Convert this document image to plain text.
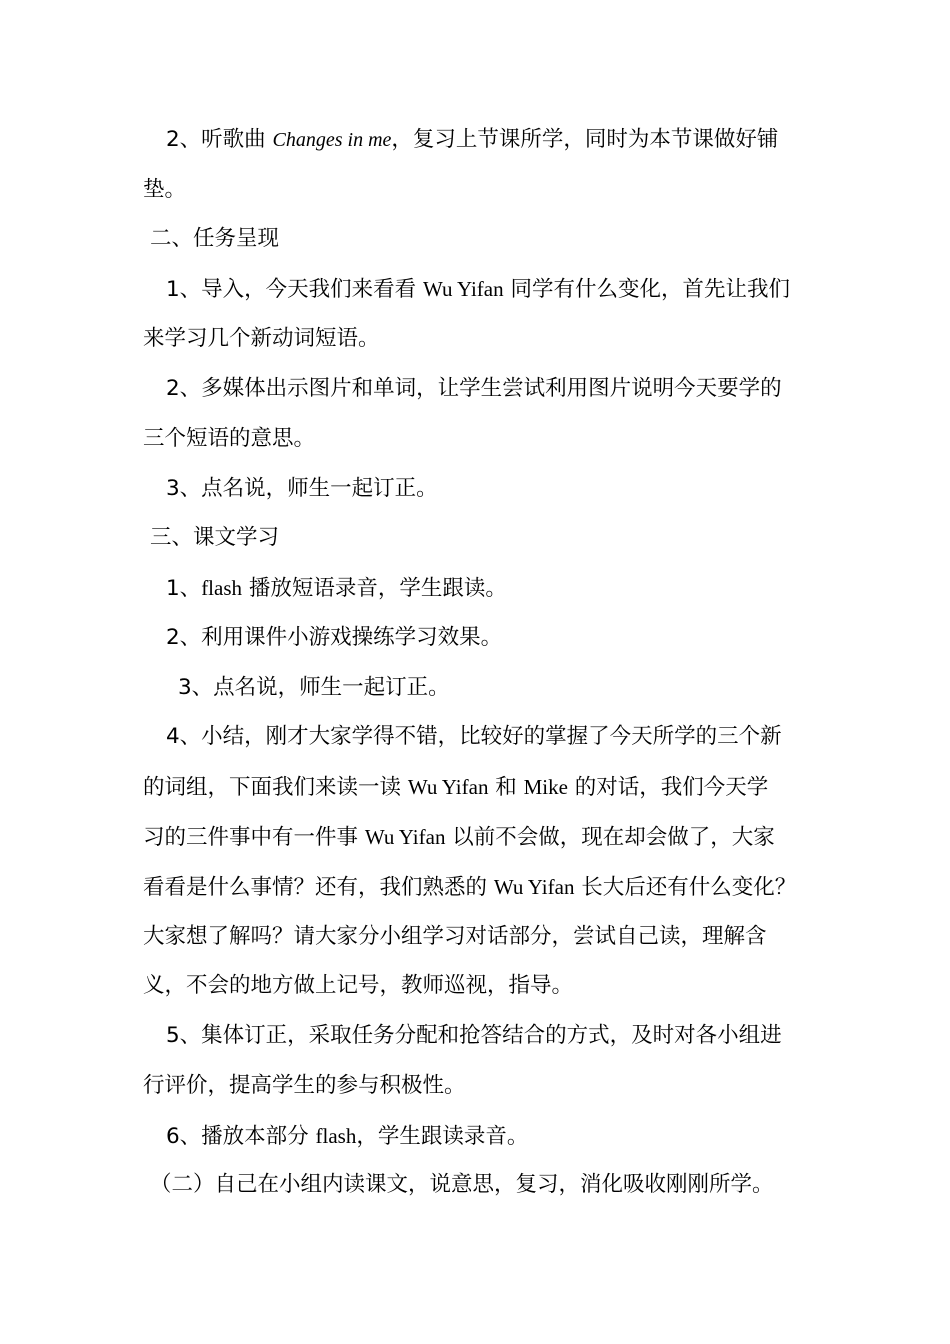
2、听歌曲 Changes in me，复习上节课所学，同时为本节课做好铺
垫。
二、任务呈现
1、导入，今天我们来看看 Wu Yifan 同学有什么变化，首先让我们
来学习几个新动词短语。
2、多媒体出示图片和单词，让学生尝试利用图片说明今天要学的
三个短语的意思。
3、点名说，师生一起订正。
三、课文学习
1、flash 播放短语录音，学生跟读。
2、利用课件小游戏操练学习效果。
3、点名说，师生一起订正。
4、小结，刚才大家学得不错，比较好的掌握了今天所学的三个新
的词组，下面我们来读一读 Wu Yifan 和 Mike 的对话，我们今天学
习的三件事中有一件事 Wu Yifan 以前不会做，现在却会做了，大家
看看是什么事情？还有，我们熟悉的 Wu Yifan 长大后还有什么变化？
大家想了解吗？请大家分小组学习对话部分，尝试自己读，理解含
义，不会的地方做上记号，教师巡视，指导。
5、集体订正，采取任务分配和抢答结合的方式，及时对各小组进
行评价，提高学生的参与积极性。
6、播放本部分 flash，学生跟读录音。
（二）自己在小组内读课文，说意思，复习，消化吸收刚刚所学。
